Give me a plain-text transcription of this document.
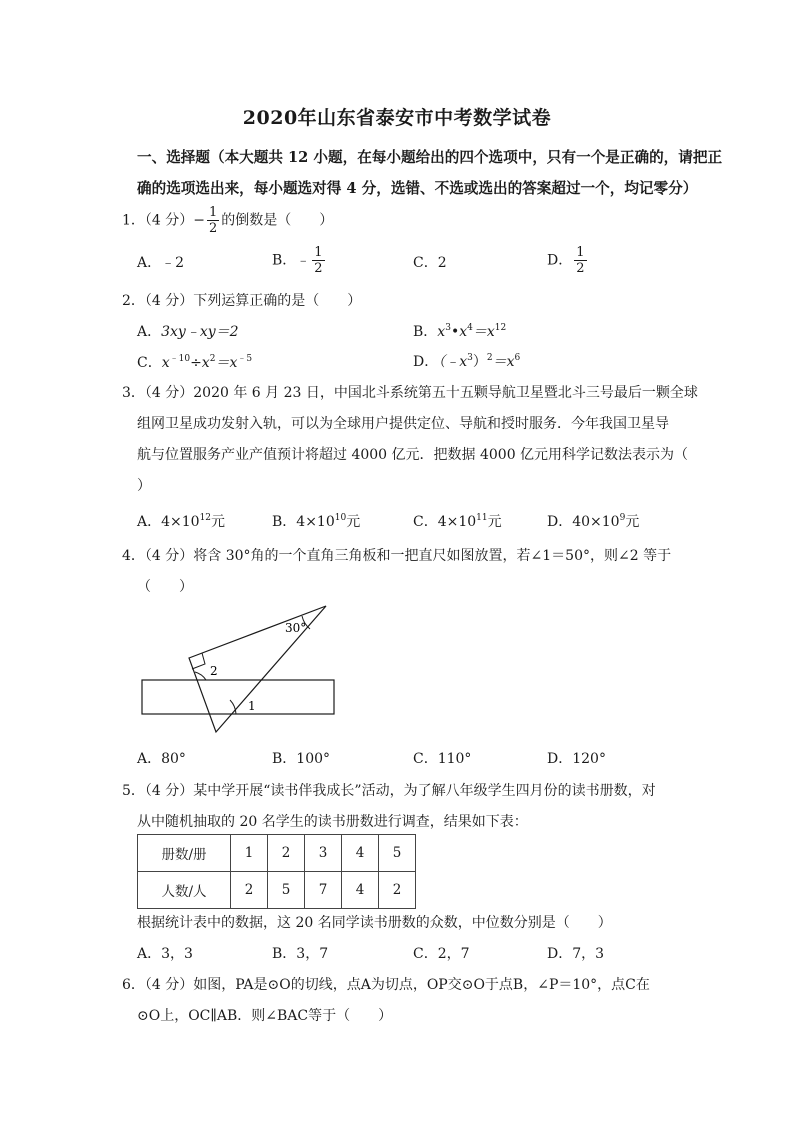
2020年山东省泰安市中考数学试卷
一、选择题（本大题共 12 小题，在每小题给出的四个选项中，只有一个是正确的，请把正
确的选项选出来，每小题选对得 4 分，选错、不选或选出的答案超过一个，均记零分）
1．（4 分）− $\frac{1}{2}$ 的倒数是（　　）
A．﹣2	B．﹣ $\frac{1}{2}$	C．2	D． $\frac{1}{2}$
2．（4 分）下列运算正确的是（　　）
A．3xy﹣xy＝2	B．$x^3•x^4=x^{12}$
C．$x^{﹣10}\div x^2=x^{﹣5}$	D．$(﹣x^3)^2=x^6$
3．（4 分）2020 年 6 月 23 日，中国北斗系统第五十五颗导航卫星暨北斗三号最后一颗全球
组网卫星成功发射入轨，可以为全球用户提供定位、导航和授时服务．今年我国卫星导
航与位置服务产业产值预计将超过 4000 亿元．把数据 4000 亿元用科学记数法表示为（
）
A．$4\times 10^{12}$元	B．$4\times 10^{10}$元	C．$4\times 10^{11}$元	D．$40\times 10^9$元
4．（4 分）将含 30°角的一个直角三角板和一把直尺如图放置，若∠1＝50°，则∠2 等于
（　　）
30°
2
1
A．80°	B．100°	C．110°	D．120°
5．（4 分）某中学开展“读书伴我成长”活动，为了解八年级学生四月份的读书册数，对
从中随机抽取的 20 名学生的读书册数进行调查，结果如下表：
册数/册	1	2	3	4	5
人数/人	2	5	7	4	2
根据统计表中的数据，这 20 名同学读书册数的众数，中位数分别是（　　）
A．3，3	B．3，7	C．2，7	D．7，3
6．（4 分）如图，PA是⊙O的切线，点A为切点，OP交⊙O于点B，∠P＝10°，点C在
⊙O上，OC∥AB．则∠BAC等于（　　）
